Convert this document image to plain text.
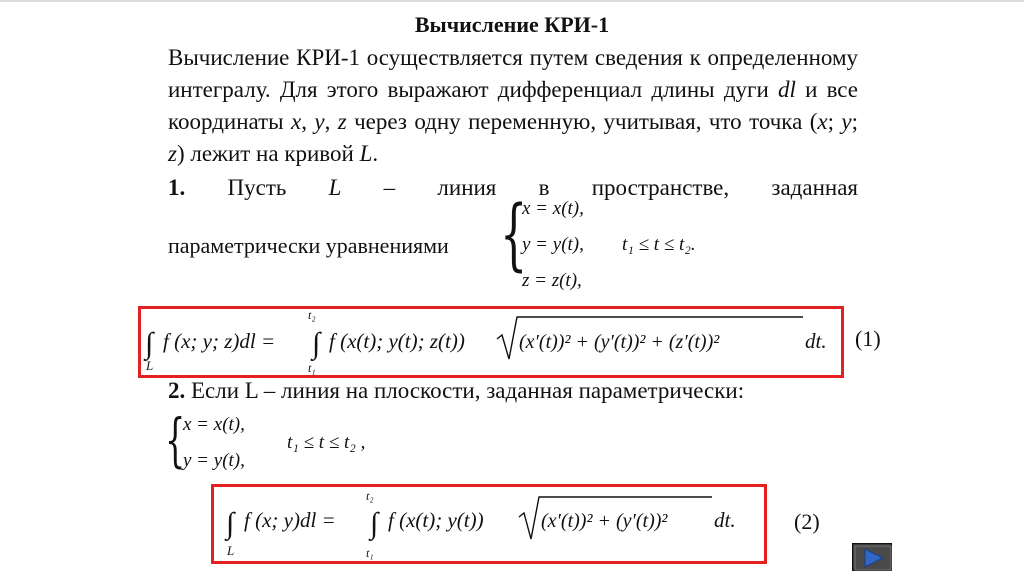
Вычисление КРИ-1
Вычисление КРИ-1 осуществляется путем сведения к определенному интегралу. Для этого выражают дифференциал длины дуги dl и все координаты x, y, z через одну переменную, учитывая, что точка (x; y; z) лежит на кривой L.
1. Пусть L – линия в пространстве, заданная
параметрически уравнениями {
x = x(t),
y = y(t),
z = z(t),
t₁ ≤ t ≤ t₂.
∫
L
f (x; y; z)dl = ∫
t₂
t₁
f (x(t); y(t); z(t))	(x′(t))² + (y′(t))² + (z′(t))²	dt. (1)
2. Если L – линия на плоскости, заданная параметрически:
{
x = x(t),
y = y(t),
t₁ ≤ t ≤ t₂ ,
∫
L
f (x; y)dl = ∫
t₂
t₁
f (x(t); y(t))	(x′(t))² + (y′(t))² dt.	(2)
